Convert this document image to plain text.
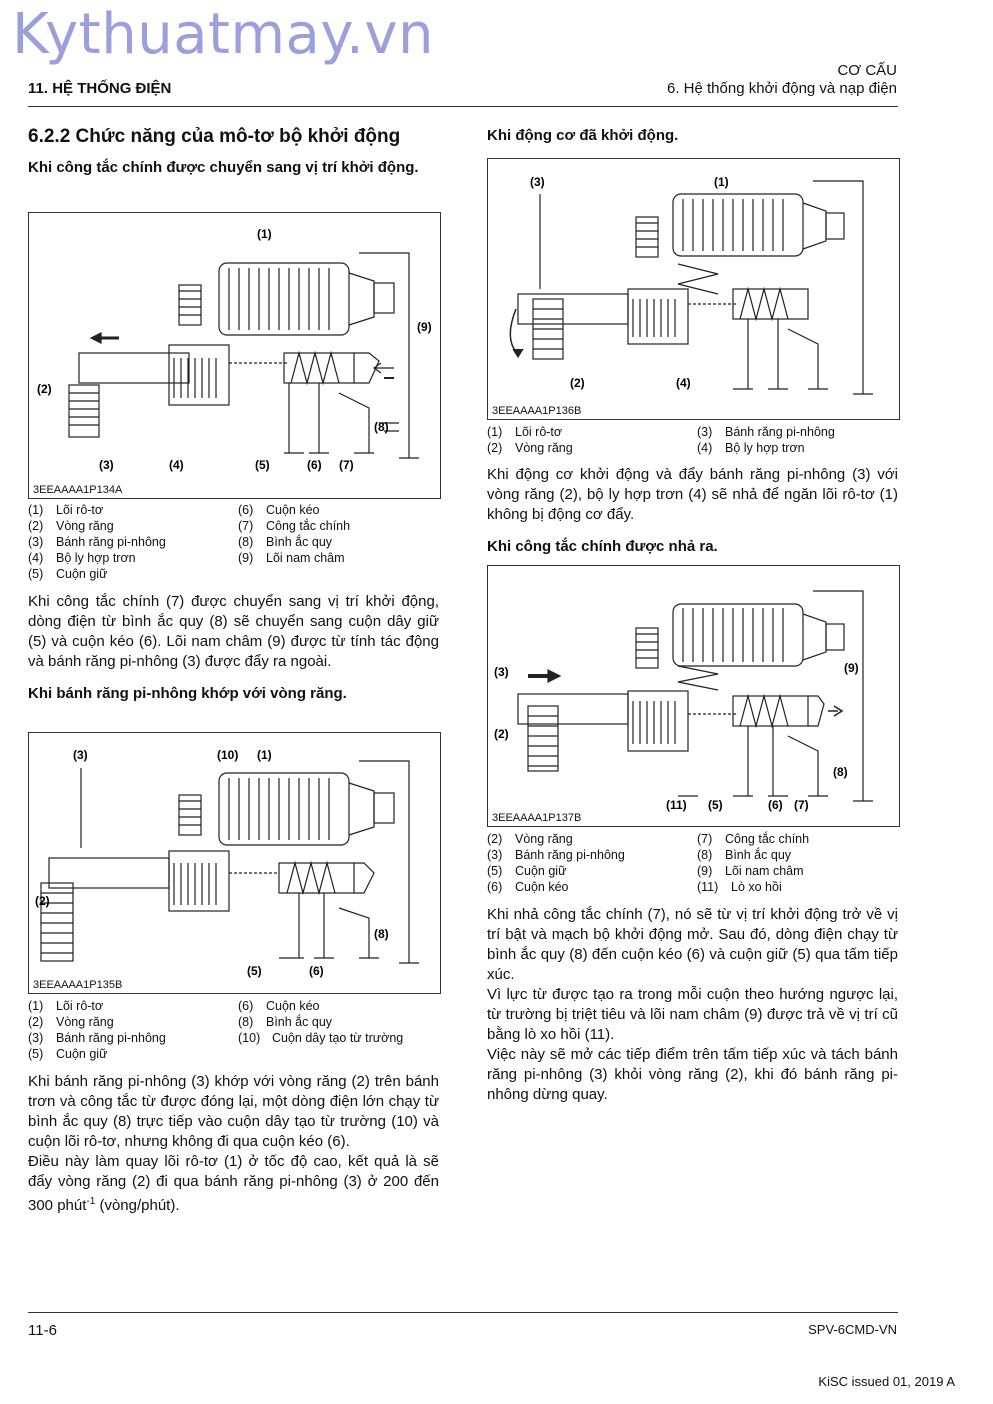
Kythuatmay.vn
11. HỆ THỐNG ĐIỆN
CƠ CẤU
6. Hệ thống khởi động và nạp điện

6.2.2 Chức năng của mô-tơ bộ khởi động

Khi công tắc chính được chuyển sang vị trí khởi động.

(1)
(9)
(2)
(8)
(3)	(4)	(5)	(6) (7)
3EEAAAA1P134A
(1)	Lõi rô-tơ	(6)	Cuộn kéo
(2)	Vòng răng	(7)	Công tắc chính
(3)	Bánh răng pi-nhông	(8)	Bình ắc quy
(4)	Bộ ly hợp trơn	(9)	Lõi nam châm
(5)	Cuộn giữ

Khi công tắc chính (7) được chuyển sang vị trí khởi động, dòng điện từ bình ắc quy (8) sẽ chuyển sang cuộn dây giữ (5) và cuộn kéo (6). Lõi nam châm (9) được từ tính tác động và bánh răng pi-nhông (3) được đẩy ra ngoài.

Khi bánh răng pi-nhông khớp với vòng răng.

(3)	(10) (1)
(2)
(8)
(5)	(6)
3EEAAAA1P135B
(1)	Lõi rô-tơ	(6)	Cuộn kéo
(2)	Vòng răng	(8)	Bình ắc quy
(3)	Bánh răng pi-nhông	(10) Cuộn dây tạo từ trường
(5)	Cuộn giữ

Khi bánh răng pi-nhông (3) khớp với vòng răng (2) trên bánh trơn và công tắc từ được đóng lại, một dòng điện lớn chạy từ bình ắc quy (8) trực tiếp vào cuộn dây tạo từ trường (10) và cuộn lõi rô-tơ, nhưng không đi qua cuộn kéo (6).

Điều này làm quay lõi rô-tơ (1) ở tốc độ cao, kết quả là sẽ đẩy vòng răng (2) đi qua bánh răng pi-nhông (3) ở 200 đến 300 phút$^{-1}$ (vòng/phút).

Khi động cơ đã khởi động.

(3)	(1)
(2)	(4)
3EEAAAA1P136B
(1)	Lõi rô-tơ	(3)	Bánh răng pi-nhông
(2)	Vòng răng	(4)	Bộ ly hợp trơn

Khi động cơ khởi động và đẩy bánh răng pi-nhông (3) với vòng răng (2), bộ ly hợp trơn (4) sẽ nhả để ngăn lõi rô-tơ (1) không bị động cơ đẩy.

Khi công tắc chính được nhả ra.

(3)	(9)
(2)
(8)
(11) (5)	(6) (7)
3EEAAAA1P137B
(2)	Vòng răng	(7)	Công tắc chính
(3)	Bánh răng pi-nhông	(8)	Bình ắc quy
(5)	Cuộn giữ	(9)	Lõi nam châm
(6)	Cuộn kéo	(11)	Lò xo hồi

Khi nhả công tắc chính (7), nó sẽ từ vị trí khởi động trở về vị trí bật và mạch bộ khởi động mở. Sau đó, dòng điện chạy từ bình ắc quy (8) đến cuộn kéo (6) và cuộn giữ (5) qua tấm tiếp xúc.

Vì lực từ được tạo ra trong mỗi cuộn theo hướng ngược lại, từ trường bị triệt tiêu và lõi nam châm (9) được trả về vị trí cũ bằng lò xo hồi (11).

Việc này sẽ mở các tiếp điểm trên tấm tiếp xúc và tách bánh răng pi-nhông (3) khỏi vòng răng (2), khi đó bánh răng pi-nhông dừng quay.

11-6	SPV-6CMD-VN
KiSC issued 01, 2019 A
